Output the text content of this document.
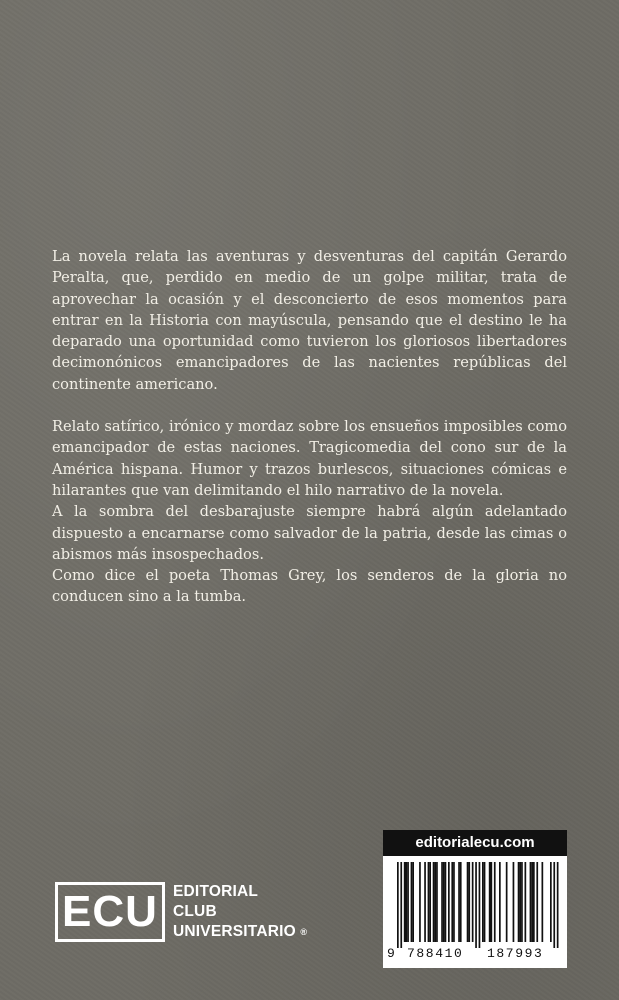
La novela relata las aventuras y desventuras del capitán Gerardo Peralta, que, perdido en medio de un golpe militar, trata de aprovechar la ocasión y el desconcierto de esos momentos para entrar en la Historia con mayúscula, pensando que el destino le ha deparado una oportunidad como tuvieron los gloriosos libertadores decimonónicos emancipadores de las nacientes repúblicas del continente americano.

Relato satírico, irónico y mordaz sobre los ensueños imposibles como emancipador de estas naciones. Tragicomedia del cono sur de la América hispana. Humor y trazos burlescos, situaciones cómicas e hilarantes que van delimitando el hilo narrativo de la novela.

A la sombra del desbarajuste siempre habrá algún adelantado dispuesto a encarnarse como salvador de la patria, desde las cimas o abismos más insospechados.

Como dice el poeta Thomas Grey, los senderos de la gloria no conducen sino a la tumba.

ECU EDITORIAL
CLUB
UNIVERSITARIO ®
editorialecu.com
9 788410 187993
